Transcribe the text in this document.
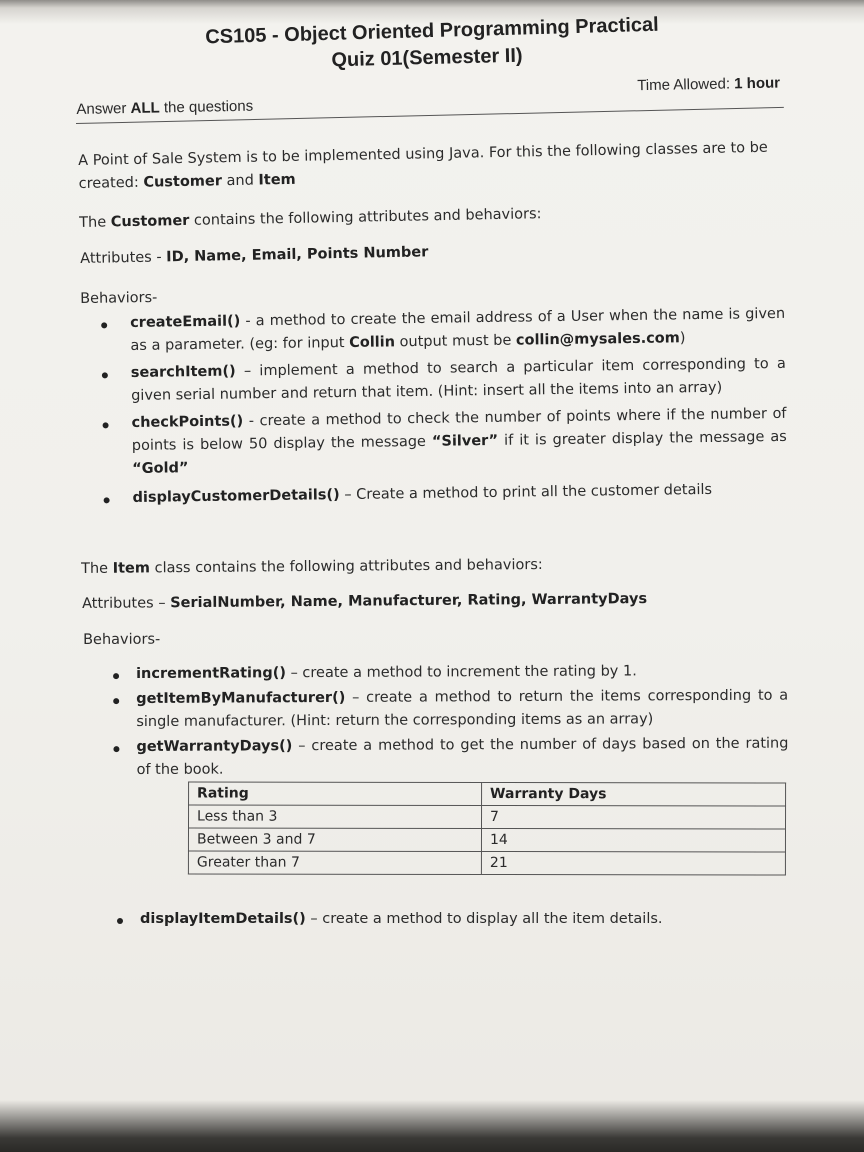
CS105 - Object Oriented Programming Practical
Quiz 01(Semester II)
Answer ALL the questions
Time Allowed: 1 hour
A Point of Sale System is to be implemented using Java. For this the following classes are to be
created: Customer and Item
The Customer contains the following attributes and behaviors:
Attributes - ID, Name, Email, Points Number
Behaviors-
createEmail() - a method to create the email address of a User when the name is given as a parameter. (eg: for input Collin output must be collin@mysales.com)
searchItem() – implement a method to search a particular item corresponding to a given serial number and return that item. (Hint: insert all the items into an array)
checkPoints() - create a method to check the number of points where if the number of points is below 50 display the message “Silver” if it is greater display the message as “Gold”
displayCustomerDetails() – Create a method to print all the customer details
The Item class contains the following attributes and behaviors:
Attributes – SerialNumber, Name, Manufacturer, Rating, WarrantyDays
Behaviors-
incrementRating() – create a method to increment the rating by 1.
getItemByManufacturer() – create a method to return the items corresponding to a single manufacturer. (Hint: return the corresponding items as an array)
getWarrantyDays() – create a method to get the number of days based on the rating of the book.
Rating	Warranty Days
Less than 3	7
Between 3 and 7	14
Greater than 7	21
displayItemDetails() – create a method to display all the item details.
